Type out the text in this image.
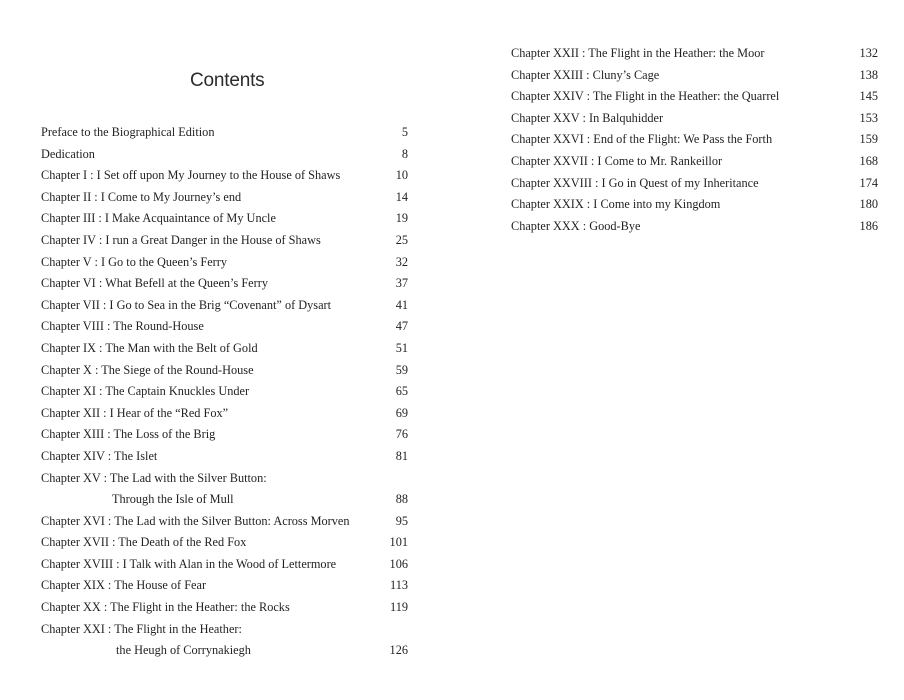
Contents
Preface to the Biographical Edition	5
Dedication	8
Chapter I : I Set off upon My Journey to the House of Shaws	10
Chapter II : I Come to My Journey’s end	14
Chapter III : I Make Acquaintance of My Uncle	19
Chapter IV : I run a Great Danger in the House of Shaws	25
Chapter V : I Go to the Queen’s Ferry	32
Chapter VI : What Befell at the Queen’s Ferry	37
Chapter VII : I Go to Sea in the Brig “Covenant” of Dysart	41
Chapter VIII : The Round-House	47
Chapter IX : The Man with the Belt of Gold	51
Chapter X : The Siege of the Round-House	59
Chapter XI : The Captain Knuckles Under	65
Chapter XII : I Hear of the “Red Fox”	69
Chapter XIII : The Loss of the Brig	76
Chapter XIV : The Islet	81
Chapter XV : The Lad with the Silver Button:
Through the Isle of Mull	88
Chapter XVI : The Lad with the Silver Button: Across Morven	95
Chapter XVII : The Death of the Red Fox	101
Chapter XVIII : I Talk with Alan in the Wood of Lettermore	106
Chapter XIX : The House of Fear	113
Chapter XX : The Flight in the Heather: the Rocks	119
Chapter XXI : The Flight in the Heather:
the Heugh of Corrynakiegh	126
Chapter XXII : The Flight in the Heather: the Moor	132
Chapter XXIII : Cluny’s Cage	138
Chapter XXIV : The Flight in the Heather: the Quarrel	145
Chapter XXV : In Balquhidder	153
Chapter XXVI : End of the Flight: We Pass the Forth	159
Chapter XXVII : I Come to Mr. Rankeillor	168
Chapter XXVIII : I Go in Quest of my Inheritance	174
Chapter XXIX : I Come into my Kingdom	180
Chapter XXX : Good-Bye	186
